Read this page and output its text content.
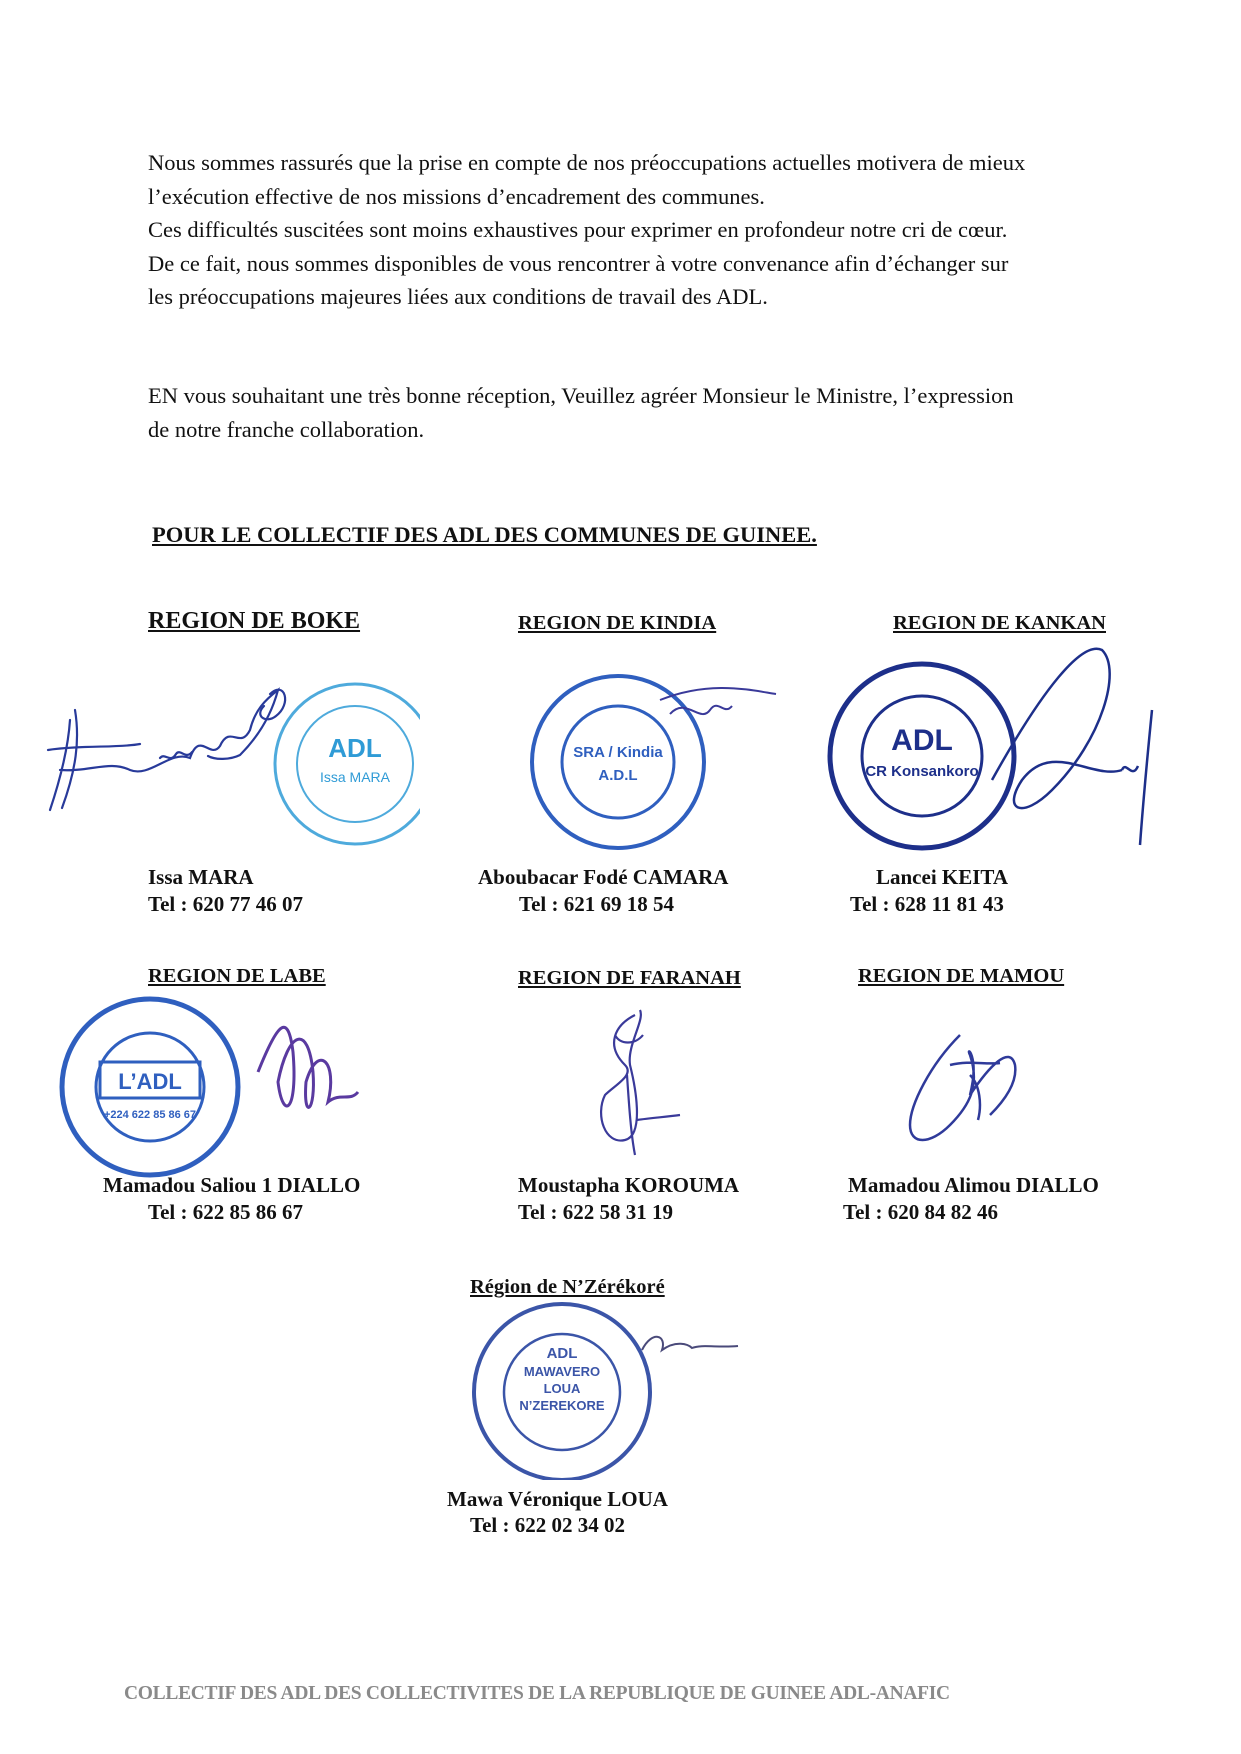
Nous sommes rassurés que la prise en compte de nos préoccupations actuelles motivera de mieux
l’exécution effective de nos missions d’encadrement des communes.
Ces difficultés suscitées sont moins exhaustives pour exprimer en profondeur notre cri de cœur.
De ce fait, nous sommes disponibles de vous rencontrer à votre convenance afin d’échanger sur
les préoccupations majeures liées aux conditions de travail des ADL.
EN vous souhaitant une très bonne réception, Veuillez agréer Monsieur le Ministre, l’expression
de notre franche collaboration.
POUR LE COLLECTIF DES ADL DES COMMUNES DE GUINEE.
REGION DE BOKE	REGION DE KINDIA	REGION DE KANKAN
ADL
Issa MARA
SRA / Kindia
A.D.L
ADL
CR Konsankoro
Issa MARA
Tel : 620 77 46 07
Aboubacar Fodé CAMARA
Tel : 621 69 18 54
Lancei KEITA
Tel : 628 11 81 43
REGION DE LABE	REGION DE FARANAH	REGION DE MAMOU
L’ADL
+224 622 85 86 67
Mamadou Saliou 1 DIALLO
Tel : 622 85 86 67
Moustapha KOROUMA
Tel : 622 58 31 19
Mamadou Alimou DIALLO
Tel : 620 84 82 46
Région de N’Zérékoré
ADL
MAWAVERO
LOUA
N’ZEREKORE
Mawa Véronique LOUA
Tel : 622 02 34 02
COLLECTIF DES ADL DES COLLECTIVITES DE LA REPUBLIQUE DE GUINEE ADL-ANAFIC
